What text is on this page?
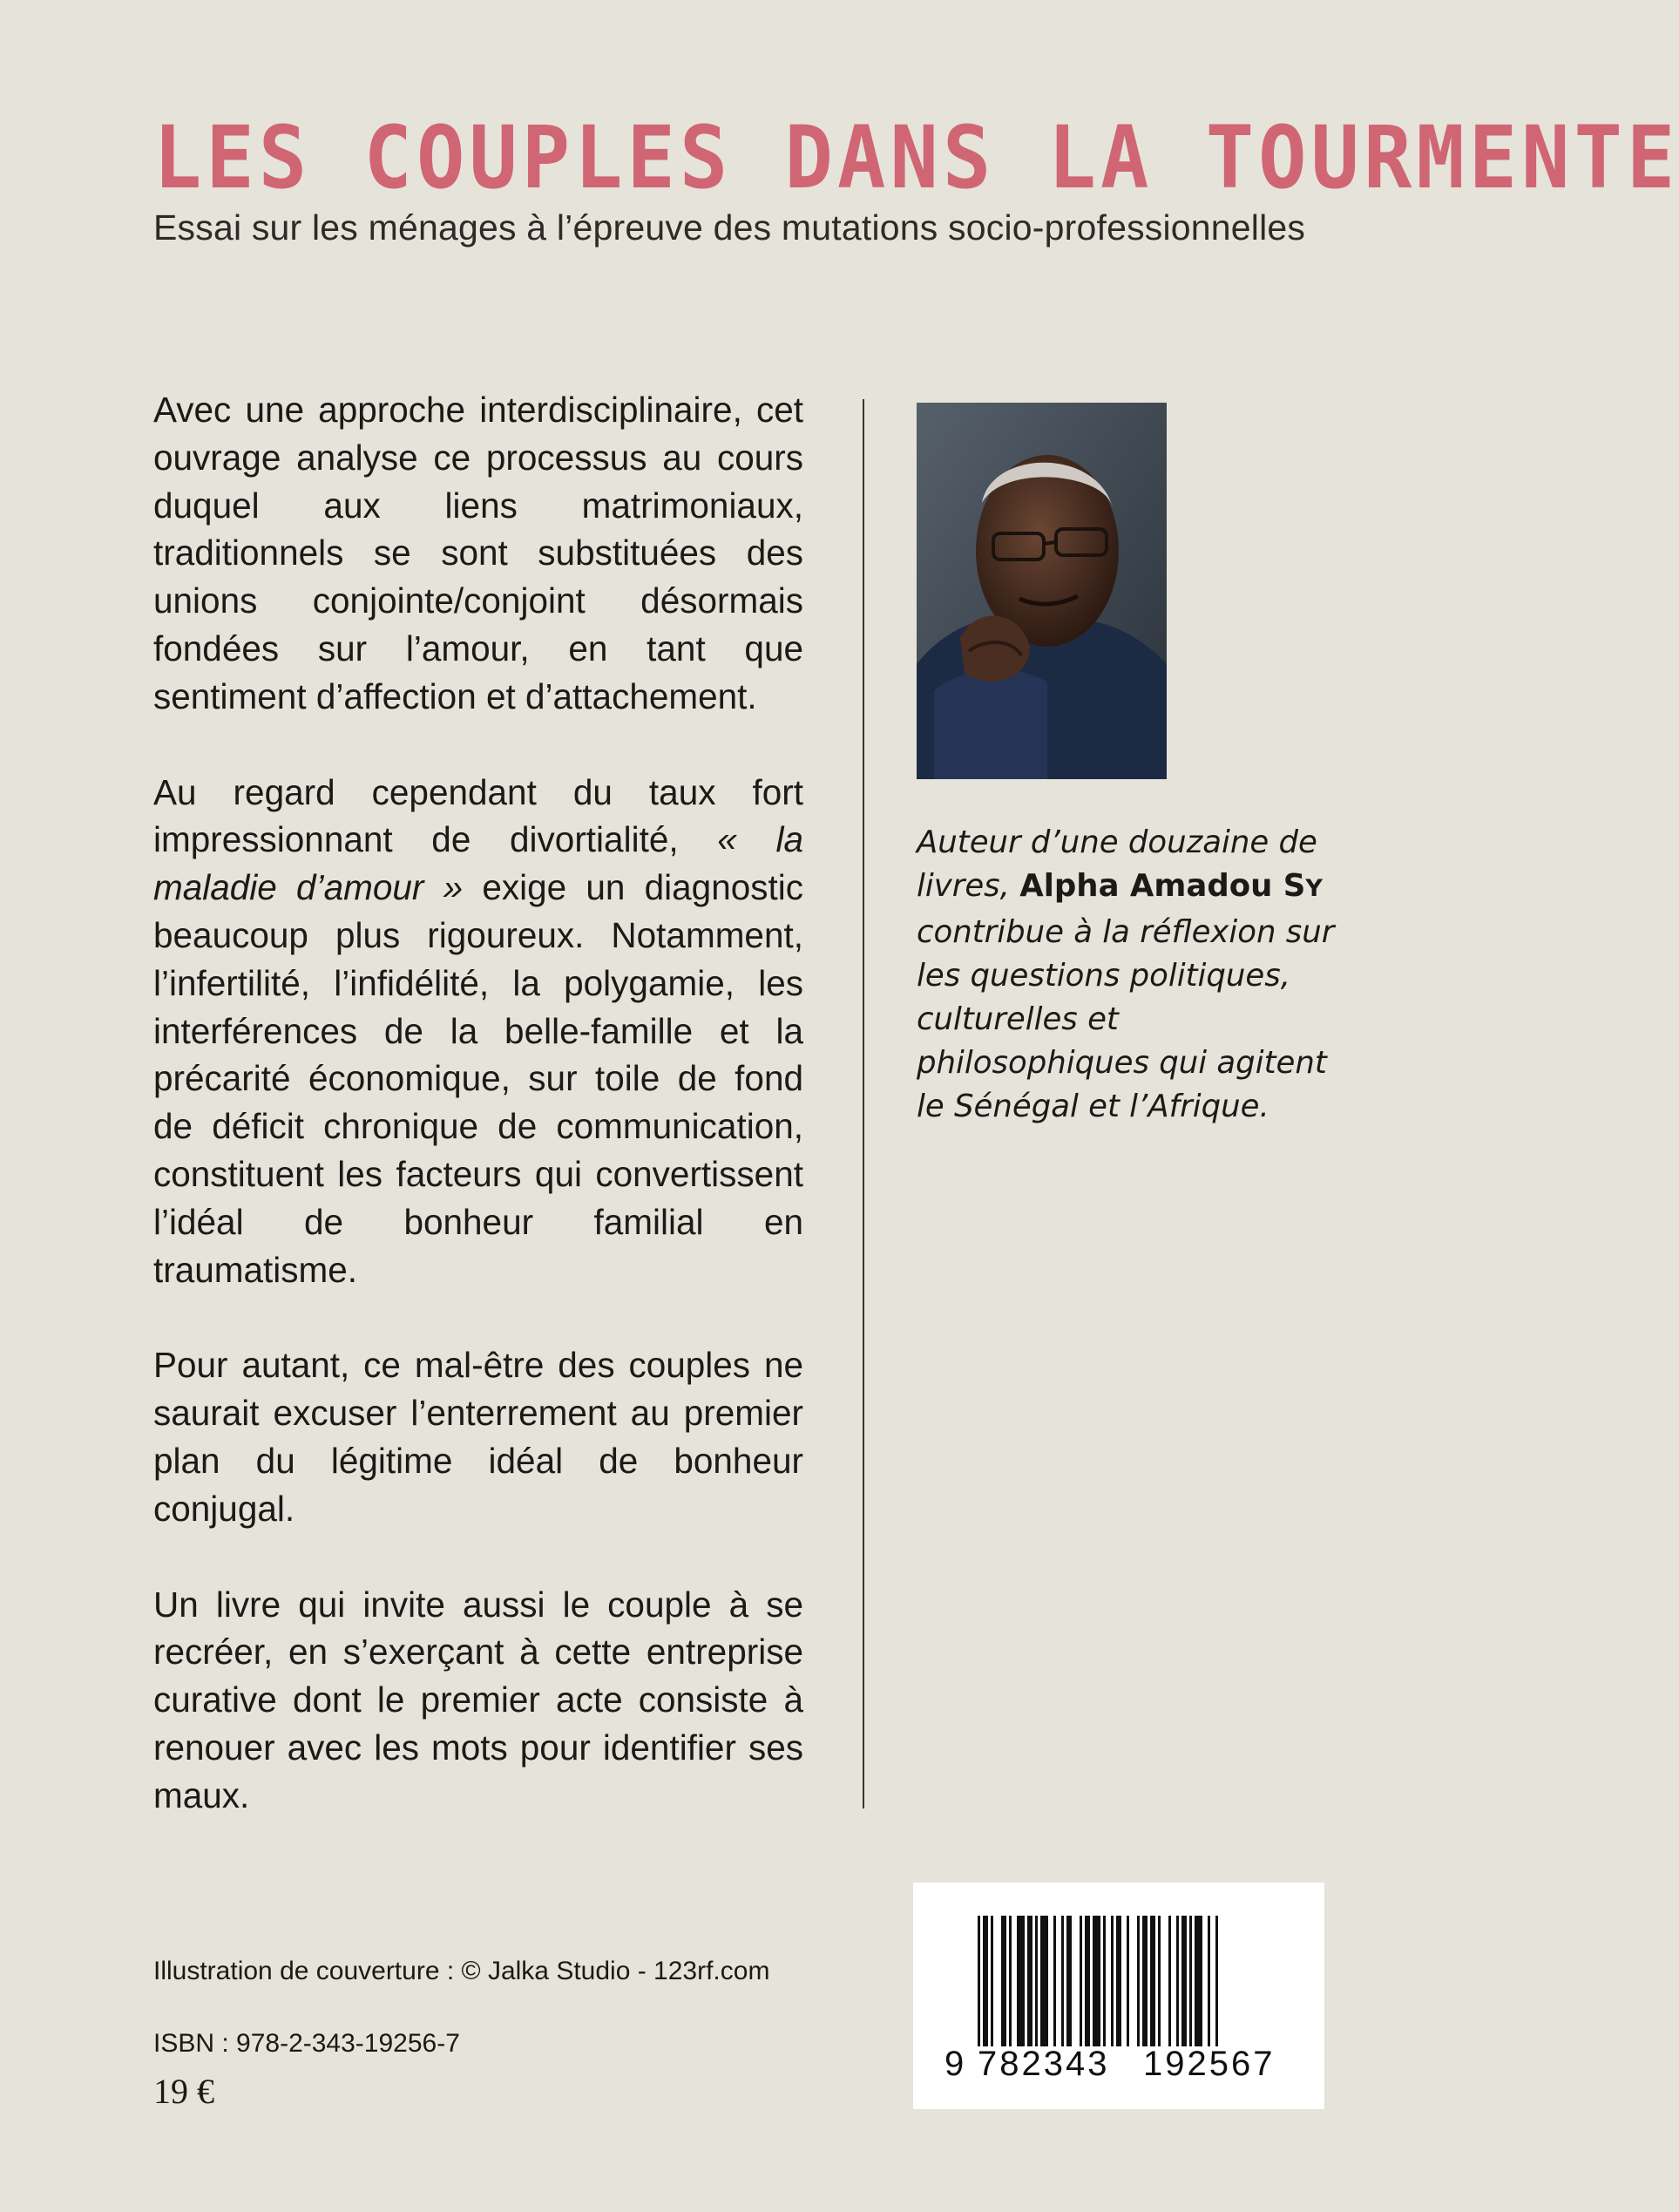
LES COUPLES DANS LA TOURMENTE
Essai sur les ménages à l’épreuve des mutations socio-professionnelles

Avec une approche interdisciplinaire, cet ouvrage analyse ce processus au cours duquel aux liens matrimoniaux, traditionnels se sont substituées des unions conjointe/conjoint désormais fondées sur l’amour, en tant que sentiment d’affection et d’attachement.

Au regard cependant du taux fort impressionnant de divortialité, « la maladie d’amour » exige un diagnostic beaucoup plus rigoureux. Notamment, l’infertilité, l’infidélité, la polygamie, les interférences de la belle-famille et la précarité économique, sur toile de fond de déficit chronique de communication, constituent les facteurs qui convertissent l’idéal de bonheur familial en traumatisme.

Pour autant, ce mal-être des couples ne saurait excuser l’enterrement au premier plan du légitime idéal de bonheur conjugal.

Un livre qui invite aussi le couple à se recréer, en s’exerçant à cette entreprise curative dont le premier acte consiste à renouer avec les mots pour identifier ses maux.

Auteur d’une douzaine de livres, Alpha Amadou SY contribue à la réflexion sur les questions politiques, culturelles et philosophiques qui agitent le Sénégal et l’Afrique.
Illustration de couverture : © Jalka Studio - 123rf.com
ISBN : 978-2-343-19256-7
19 €
9 782343 192567
